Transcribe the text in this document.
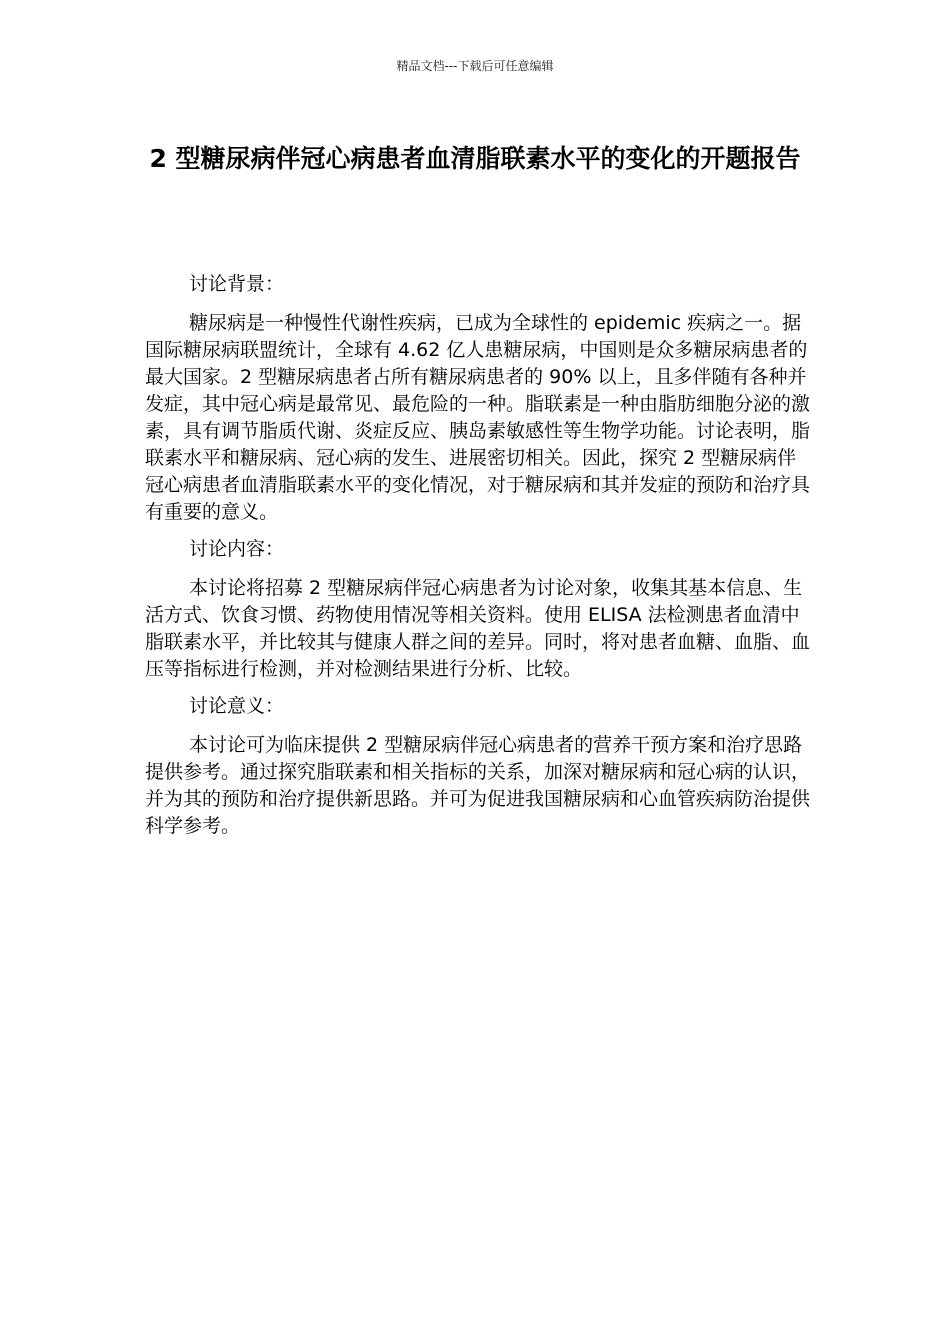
精品文档---下载后可任意编辑
2 型糖尿病伴冠心病患者血清脂联素水平的变化的开题报告

讨论背景：

糖尿病是一种慢性代谢性疾病，已成为全球性的 epidemic 疾病之一。据国际糖尿病联盟统计，全球有 4.62 亿人患糖尿病，中国则是众多糖尿病患者的最大国家。2 型糖尿病患者占所有糖尿病患者的 90% 以上，且多伴随有各种并发症，其中冠心病是最常见、最危险的一种。脂联素是一种由脂肪细胞分泌的激素，具有调节脂质代谢、炎症反应、胰岛素敏感性等生物学功能。讨论表明，脂联素水平和糖尿病、冠心病的发生、进展密切相关。因此，探究 2 型糖尿病伴冠心病患者血清脂联素水平的变化情况，对于糖尿病和其并发症的预防和治疗具有重要的意义。

讨论内容：

本讨论将招募 2 型糖尿病伴冠心病患者为讨论对象，收集其基本信息、生活方式、饮食习惯、药物使用情况等相关资料。使用 ELISA 法检测患者血清中脂联素水平，并比较其与健康人群之间的差异。同时，将对患者血糖、血脂、血压等指标进行检测，并对检测结果进行分析、比较。

讨论意义：

本讨论可为临床提供 2 型糖尿病伴冠心病患者的营养干预方案和治疗思路提供参考。通过探究脂联素和相关指标的关系，加深对糖尿病和冠心病的认识，并为其的预防和治疗提供新思路。并可为促进我国糖尿病和心血管疾病防治提供科学参考。
